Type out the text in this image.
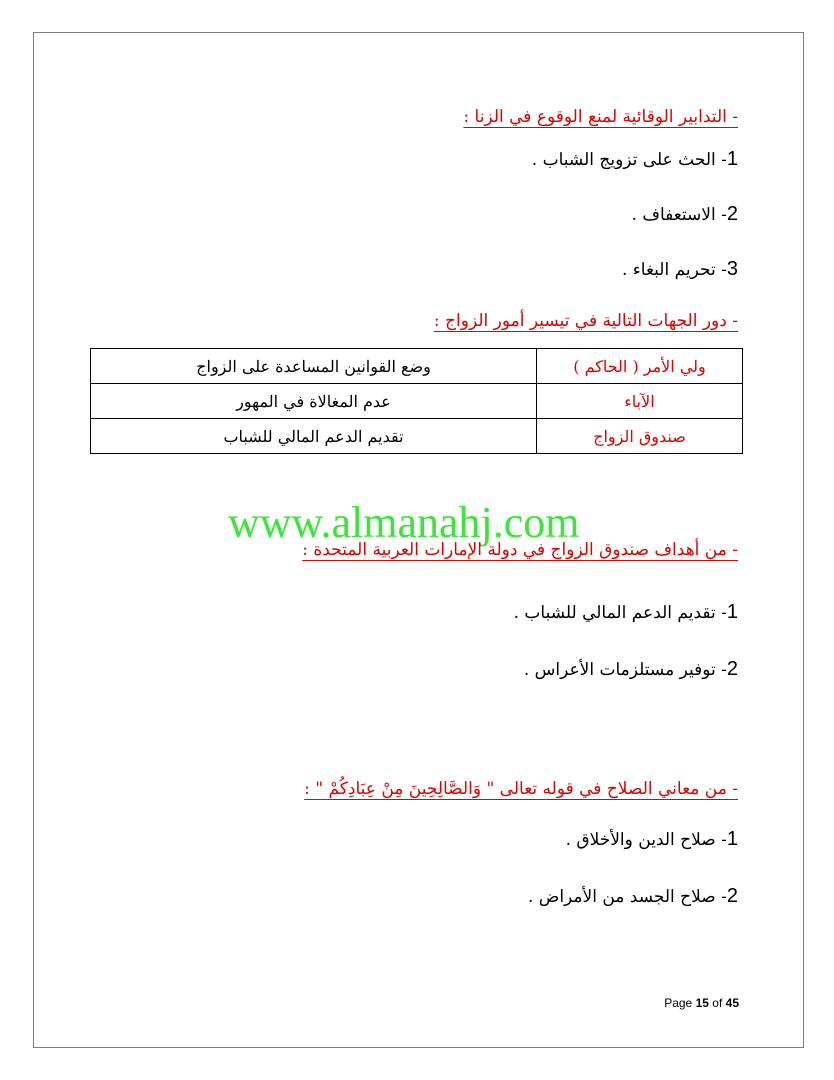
- التدابير الوقائية لمنع الوقوع في الزنا :
1- الحث على تزويج الشباب .
2- الاستعفاف .
3- تحريم البغاء .
- دور الجهات التالية في تيسير أمور الزواج :
ولي الأمر ( الحاكم )	وضع القوانين المساعدة على الزواج
الآباء	عدم المغالاة في المهور
صندوق الزواج	تقديم الدعم المالي للشباب
www.almanahj.com
- من أهداف صندوق الزواج في دولة الإمارات العربية المتحدة :
1- تقديم الدعم المالي للشباب .
2- توفير مستلزمات الأعراس .
- من معاني الصلاح في قوله تعالى " وَالصَّالِحِينَ مِنْ عِبَادِكُمْ " :
1- صلاح الدين والأخلاق .
2- صلاح الجسد من الأمراض .
Page 15 of 45
